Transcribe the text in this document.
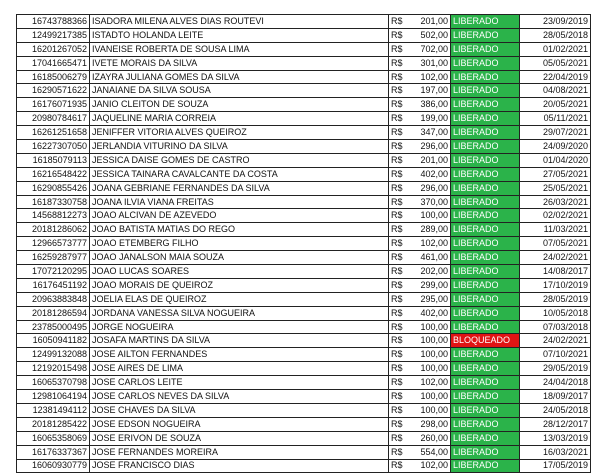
16743788366	ISADORA MILENA ALVES DIAS ROUTEVI	R$	201,00	LIBERADO	23/09/2019
12499217385	ISTADTO HOLANDA LEITE	R$	502,00	LIBERADO	28/05/2018
16201267052	IVANEISE ROBERTA DE SOUSA LIMA	R$	702,00	LIBERADO	01/02/2021
17041665471	IVETE MORAIS DA SILVA	R$	301,00	LIBERADO	05/05/2021
16185006279	IZAYRA JULIANA GOMES DA SILVA	R$	102,00	LIBERADO	22/04/2019
16290571622	JANAIANE DA SILVA SOUSA	R$	197,00	LIBERADO	04/08/2021
16176071935	JANIO CLEITON DE SOUZA	R$	386,00	LIBERADO	20/05/2021
20980784617	JAQUELINE MARIA CORREIA	R$	199,00	LIBERADO	05/11/2021
16261251658	JENIFFER VITORIA ALVES QUEIROZ	R$	347,00	LIBERADO	29/07/2021
16227307050	JERLANDIA VITURINO DA SILVA	R$	296,00	LIBERADO	24/09/2020
16185079113	JESSICA DAISE GOMES DE CASTRO	R$	201,00	LIBERADO	01/04/2020
16216548422	JESSICA TAINARA CAVALCANTE DA COSTA	R$	402,00	LIBERADO	27/05/2021
16290855426	JOANA GEBRIANE FERNANDES DA SILVA	R$	296,00	LIBERADO	25/05/2021
16187330758	JOANA ILVIA VIANA FREITAS	R$	370,00	LIBERADO	26/03/2021
14568812273	JOAO ALCIVAN DE AZEVEDO	R$	100,00	LIBERADO	02/02/2021
20181286062	JOAO BATISTA MATIAS DO REGO	R$	289,00	LIBERADO	11/03/2021
12966573777	JOAO ETEMBERG FILHO	R$	102,00	LIBERADO	07/05/2021
16259287977	JOAO JANALSON MAIA SOUZA	R$	461,00	LIBERADO	24/02/2021
17072120295	JOAO LUCAS SOARES	R$	202,00	LIBERADO	14/08/2017
16176451192	JOAO MORAIS DE QUEIROZ	R$	299,00	LIBERADO	17/10/2019
20963883848	JOELIA ELAS DE QUEIROZ	R$	295,00	LIBERADO	28/05/2019
20181286594	JORDANA VANESSA SILVA NOGUEIRA	R$	402,00	LIBERADO	10/05/2018
23785000495	JORGE NOGUEIRA	R$	100,00	LIBERADO	07/03/2018
16050941182	JOSAFA MARTINS DA SILVA	R$	100,00	BLOQUEADO	24/02/2021
12499132088	JOSE AILTON FERNANDES	R$	100,00	LIBERADO	07/10/2021
12192015498	JOSE AIRES DE LIMA	R$	100,00	LIBERADO	29/05/2019
16065370798	JOSE CARLOS LEITE	R$	102,00	LIBERADO	24/04/2018
12981064194	JOSE CARLOS NEVES DA SILVA	R$	100,00	LIBERADO	18/09/2017
12381494112	JOSE CHAVES DA SILVA	R$	100,00	LIBERADO	24/05/2018
20181285422	JOSE EDSON NOGUEIRA	R$	298,00	LIBERADO	28/12/2017
16065358069	JOSE ERIVON DE SOUZA	R$	260,00	LIBERADO	13/03/2019
16176337367	JOSE FERNANDES MOREIRA	R$	554,00	LIBERADO	16/03/2021
16060930779	JOSE FRANCISCO DIAS	R$	102,00	LIBERADO	17/05/2019
